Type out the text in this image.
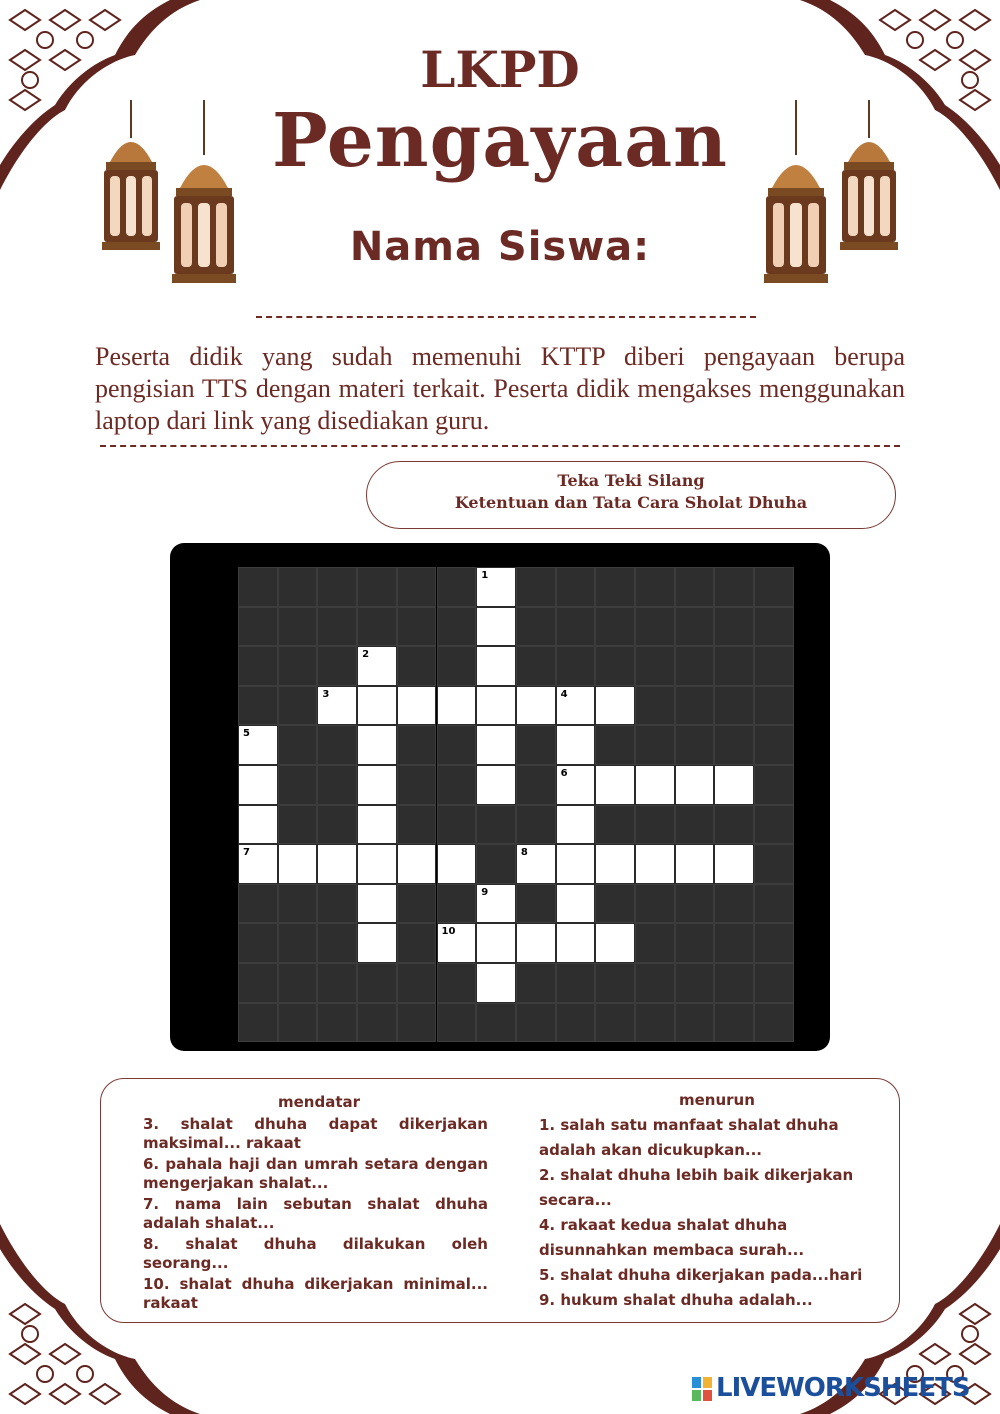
LKPD
Pengayaan
Nama Siswa:
Peserta didik yang sudah memenuhi KTTP diberi pengayaan berupa pengisian TTS dengan materi terkait. Peserta didik mengakses menggunakan laptop dari link yang disediakan guru.
Teka Teki Silang
Ketentuan dan Tata Cara Sholat Dhuha
1
2
3	4
5
6
7	8
9
10
mendatar	menurun
3. shalat dhuha dapat dikerjakan maksimal... rakaat
6. pahala haji dan umrah setara dengan mengerjakan shalat...
7. nama lain sebutan shalat dhuha adalah shalat...
8. shalat dhuha dilakukan oleh seorang...
10. shalat dhuha dikerjakan minimal... rakaat
1. salah satu manfaat shalat dhuha adalah akan dicukupkan...
2. shalat dhuha lebih baik dikerjakan secara...
4. rakaat kedua shalat dhuha disunnahkan membaca surah...
5. shalat dhuha dikerjakan pada...hari
9. hukum shalat dhuha adalah...
LIVEWORKSHEETS
